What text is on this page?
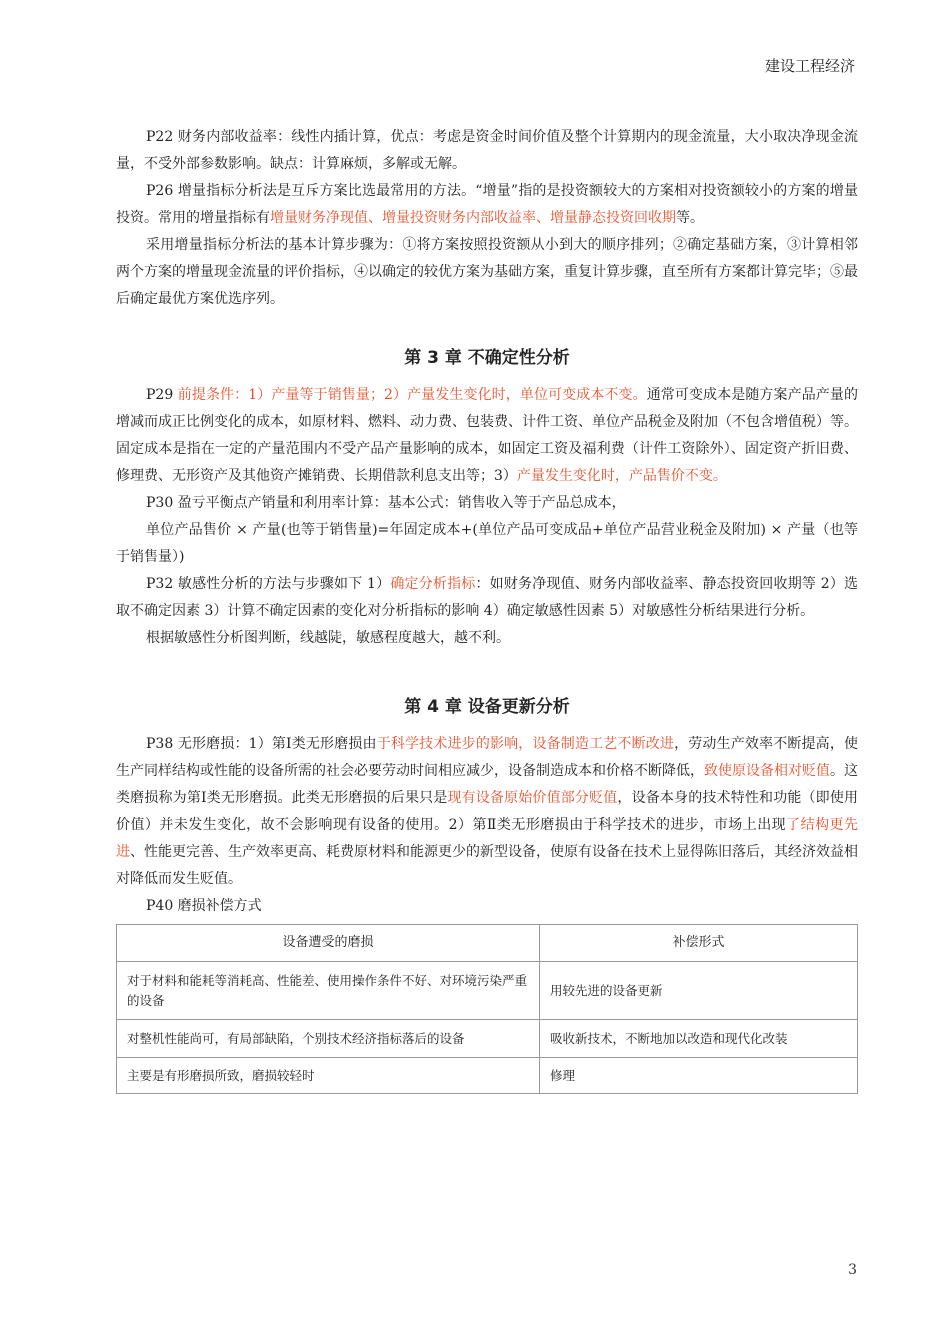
建设工程经济

P22 财务内部收益率：线性内插计算，优点：考虑是资金时间价值及整个计算期内的现金流量，大小取决净现金流量，不受外部参数影响。缺点：计算麻烦，多解或无解。

P26 增量指标分析法是互斥方案比选最常用的方法。“增量”指的是投资额较大的方案相对投资额较小的方案的增量投资。常用的增量指标有增量财务净现值、增量投资财务内部收益率、增量静态投资回收期等。

采用增量指标分析法的基本计算步骤为：①将方案按照投资额从小到大的顺序排列；②确定基础方案，③计算相邻两个方案的增量现金流量的评价指标，④以确定的较优方案为基础方案，重复计算步骤，直至所有方案都计算完毕；⑤最后确定最优方案优选序列。

第 3 章 不确定性分析

P29 前提条件：1）产量等于销售量；2）产量发生变化时，单位可变成本不变。通常可变成本是随方案产品产量的增减而成正比例变化的成本，如原材料、燃料、动力费、包装费、计件工资、单位产品税金及附加（不包含增值税）等。固定成本是指在一定的产量范围内不受产品产量影响的成本，如固定工资及福利费（计件工资除外）、固定资产折旧费、修理费、无形资产及其他资产摊销费、长期借款利息支出等；3）产量发生变化时，产品售价不变。

P30 盈亏平衡点产销量和利用率计算：基本公式：销售收入等于产品总成本，

单位产品售价 × 产量(也等于销售量)=年固定成本+(单位产品可变成品+单位产品营业税金及附加) × 产量（也等于销售量）)

P32 敏感性分析的方法与步骤如下 1）确定分析指标：如财务净现值、财务内部收益率、静态投资回收期等 2）选取不确定因素 3）计算不确定因素的变化对分析指标的影响 4）确定敏感性因素 5）对敏感性分析结果进行分析。

根据敏感性分析图判断，线越陡，敏感程度越大，越不利。

第 4 章 设备更新分析

P38 无形磨损：1）第Ⅰ类无形磨损由于科学技术进步的影响，设备制造工艺不断改进，劳动生产效率不断提高，使生产同样结构或性能的设备所需的社会必要劳动时间相应减少，设备制造成本和价格不断降低，致使原设备相对贬值。这类磨损称为第Ⅰ类无形磨损。此类无形磨损的后果只是现有设备原始价值部分贬值，设备本身的技术特性和功能（即使用价值）并未发生变化，故不会影响现有设备的使用。2）第Ⅱ类无形磨损由于科学技术的进步，市场上出现了结构更先进、性能更完善、生产效率更高、耗费原材料和能源更少的新型设备，使原有设备在技术上显得陈旧落后，其经济效益相对降低而发生贬值。

P40 磨损补偿方式

设备遭受的磨损	补偿形式
对于材料和能耗等消耗高、性能差、使用操作条件不好、对环境污染严重的设备	用较先进的设备更新
对整机性能尚可，有局部缺陷，个别技术经济指标落后的设备	吸收新技术，不断地加以改造和现代化改装
主要是有形磨损所致，磨损较轻时	修理
3
